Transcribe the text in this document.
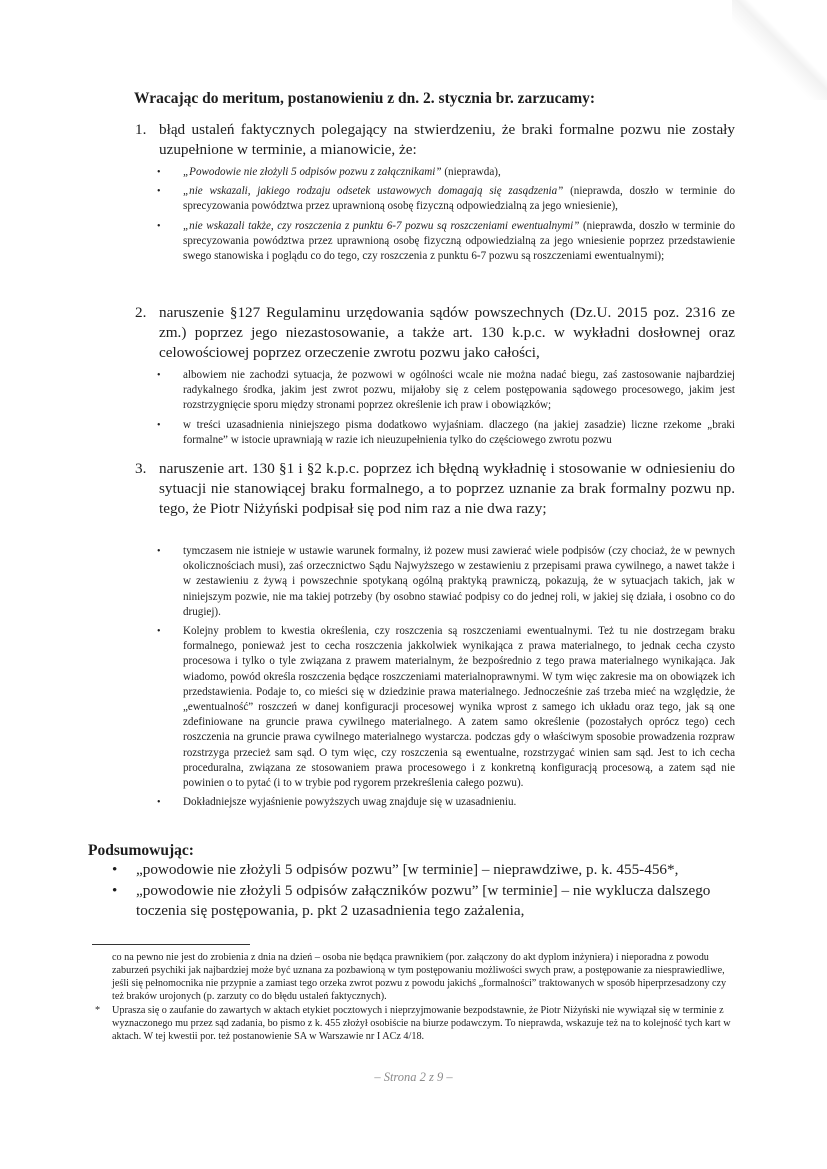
Wracając do meritum, postanowieniu z dn. 2. stycznia br. zarzucamy:
1. błąd ustaleń faktycznych polegający na stwierdzeniu, że braki formalne pozwu nie zostały uzupełnione w terminie, a mianowicie, że:
• „Powodowie nie złożyli 5 odpisów pozwu z załącznikami” (nieprawda),
• „nie wskazali, jakiego rodzaju odsetek ustawowych domagają się zasądzenia” (nieprawda, doszło w terminie do sprecyzowania powództwa przez uprawnioną osobę fizyczną odpowiedzialną za jego wniesienie),
• „nie wskazali także, czy roszczenia z punktu 6-7 pozwu są roszczeniami ewentualnymi” (nieprawda, doszło w terminie do sprecyzowania powództwa przez uprawnioną osobę fizyczną odpowiedzialną za jego wniesienie poprzez przedstawienie swego stanowiska i poglądu co do tego, czy roszczenia z punktu 6-7 pozwu są roszczeniami ewentualnymi);
2. naruszenie §127 Regulaminu urzędowania sądów powszechnych (Dz.U. 2015 poz. 2316 ze zm.) poprzez jego niezastosowanie, a także art. 130 k.p.c. w wykładni dosłownej oraz celowościowej poprzez orzeczenie zwrotu pozwu jako całości,
• albowiem nie zachodzi sytuacja, że pozwowi w ogólności wcale nie można nadać biegu, zaś zastosowanie najbardziej radykalnego środka, jakim jest zwrot pozwu, mijałoby się z celem postępowania sądowego procesowego, jakim jest rozstrzygnięcie sporu między stronami poprzez określenie ich praw i obowiązków;
• w treści uzasadnienia niniejszego pisma dodatkowo wyjaśniam. dlaczego (na jakiej zasadzie) liczne rzekome „braki formalne” w istocie uprawniają w razie ich nieuzupełnienia tylko do częściowego zwrotu pozwu
3. naruszenie art. 130 §1 i §2 k.p.c. poprzez ich błędną wykładnię i stosowanie w odniesieniu do sytuacji nie stanowiącej braku formalnego, a to poprzez uznanie za brak formalny pozwu np. tego, że Piotr Niżyński podpisał się pod nim raz a nie dwa razy;
• tymczasem nie istnieje w ustawie warunek formalny, iż pozew musi zawierać wiele podpisów (czy chociaż, że w pewnych okolicznościach musi), zaś orzecznictwo Sądu Najwyższego w zestawieniu z przepisami prawa cywilnego, a nawet także i w zestawieniu z żywą i powszechnie spotykaną ogólną praktyką prawniczą, pokazują, że w sytuacjach takich, jak w niniejszym pozwie, nie ma takiej potrzeby (by osobno stawiać podpisy co do jednej roli, w jakiej się działa, i osobno co do drugiej).
• Kolejny problem to kwestia określenia, czy roszczenia są roszczeniami ewentualnymi. Też tu nie dostrzegam braku formalnego, ponieważ jest to cecha roszczenia jakkolwiek wynikająca z prawa materialnego, to jednak cecha czysto procesowa i tylko o tyle związana z prawem materialnym, że bezpośrednio z tego prawa materialnego wynikająca. Jak wiadomo, powód określa roszczenia będące roszczeniami materialnoprawnymi. W tym więc zakresie ma on obowiązek ich przedstawienia. Podaje to, co mieści się w dziedzinie prawa materialnego. Jednocześnie zaś trzeba mieć na względzie, że „ewentualność” roszczeń w danej konfiguracji procesowej wynika wprost z samego ich układu oraz tego, jak są one zdefiniowane na gruncie prawa cywilnego materialnego. A zatem samo określenie (pozostałych oprócz tego) cech roszczenia na gruncie prawa cywilnego materialnego wystarcza. podczas gdy o właściwym sposobie prowadzenia rozpraw rozstrzyga przecież sam sąd. O tym więc, czy roszczenia są ewentualne, rozstrzygać winien sam sąd. Jest to ich cecha proceduralna, związana ze stosowaniem prawa procesowego i z konkretną konfiguracją procesową, a zatem sąd nie powinien o to pytać (i to w trybie pod rygorem przekreślenia całego pozwu).
• Dokładniejsze wyjaśnienie powyższych uwag znajduje się w uzasadnieniu.
Podsumowując:
• „powodowie nie złożyli 5 odpisów pozwu” [w terminie] – nieprawdziwe, p. k. 455-456*,
• „powodowie nie złożyli 5 odpisów załączników pozwu” [w terminie] – nie wyklucza dalszego toczenia się postępowania, p. pkt 2 uzasadnienia tego zażalenia,

co na pewno nie jest do zrobienia z dnia na dzień – osoba nie będąca prawnikiem (por. załączony do akt dyplom inżyniera) i nieporadna z powodu zaburzeń psychiki jak najbardziej może być uznana za pozbawioną w tym postępowaniu możliwości swych praw, a postępowanie za niesprawiedliwe, jeśli się pełnomocnika nie przypnie a zamiast tego orzeka zwrot pozwu z powodu jakichś „formalności” traktowanych w sposób hiperprzesadzony czy też braków urojonych (p. zarzuty co do błędu ustaleń faktycznych).

* Uprasza się o zaufanie do zawartych w aktach etykiet pocztowych i nieprzyjmowanie bezpodstawnie, że Piotr Niżyński nie wywiązał się w terminie z wyznaczonego mu przez sąd zadania, bo pismo z k. 455 złożył osobiście na biurze podawczym. To nieprawda, wskazuje też na to kolejność tych kart w aktach. W tej kwestii por. też postanowienie SA w Warszawie nr I ACz 4/18.

– Strona 2 z 9 –
